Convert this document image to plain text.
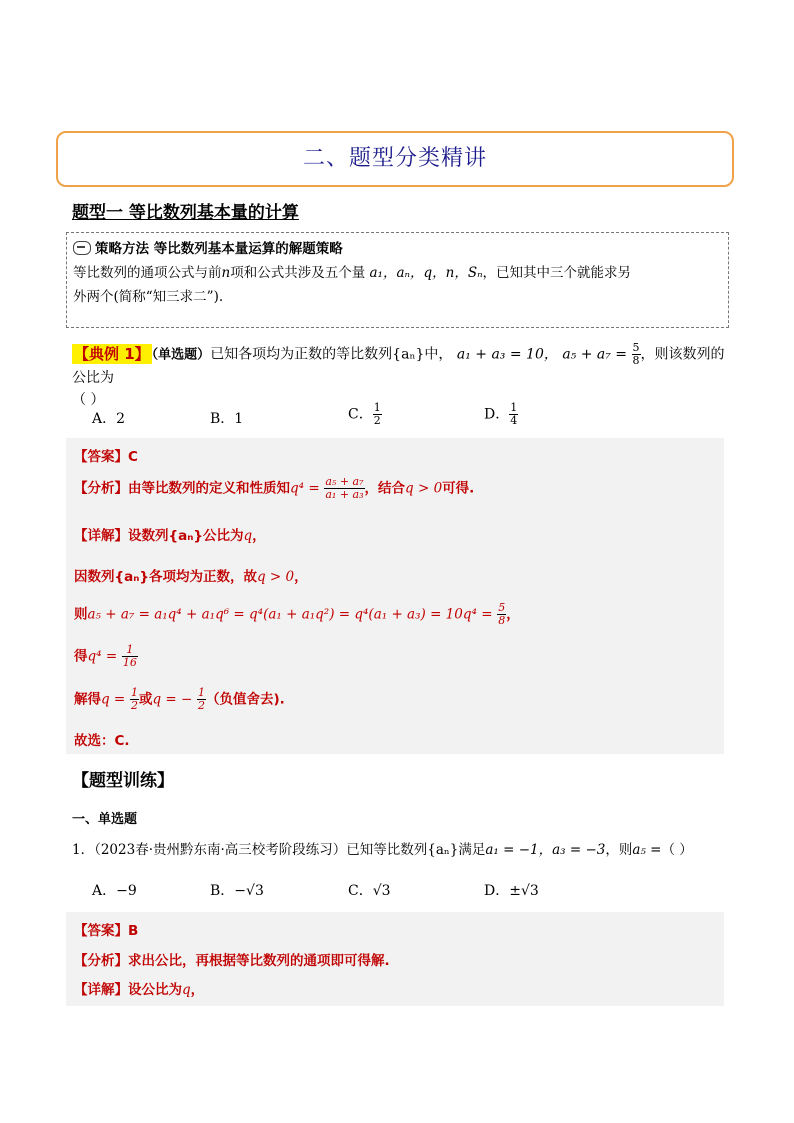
二、题型分类精讲
题型一 等比数列基本量的计算
策略方法 等比数列基本量运算的解题策略
等比数列的通项公式与前n项和公式共涉及五个量 a₁，aₙ，q，n，Sₙ，已知其中三个就能求另
外两个(简称“知三求二”).
【典例 1】 （单选题）已知各项均为正数的等比数列{aₙ}中， a₁ + a₃ = 10， $a_5 + a_7 = \frac{5}{8}$ ，则该数列的公比为
（ ）
A．2	B．1	C． $\frac{1}{2}$	D． $\frac{1}{4}$
【答案】C
【分析】由等比数列的定义和性质知$q^4 = \frac{\text{a₅ + a₇}}{\text{a₁ + a₃}}$ ，结合q > 0可得.
【详解】设数列{aₙ}公比为q，
因数列{aₙ}各项均为正数，故q > 0，
则$a_5 + a_7 = a_1q^4 + a_1q^6 = q^4(a_1 + a_1q^2) = q^4(a_1 + a_3) = 10q^4 = \frac{5}{8}$ ，
得$q^4 = \frac{1}{16}$
解得$q = \frac{1}{2}$ 或q = − $\frac{1}{2}$ （负值舍去).
故选：C.
【题型训练】
一、单选题
1．（2023春·贵州黔东南·高三校考阶段练习）已知等比数列{aₙ}满足a₁ = −1，a₃ = −3，则a₅ =（ ）
A．−9	B．−√3	C．√3	D．±√3
【答案】B
【分析】求出公比，再根据等比数列的通项即可得解.
【详解】设公比为q，
